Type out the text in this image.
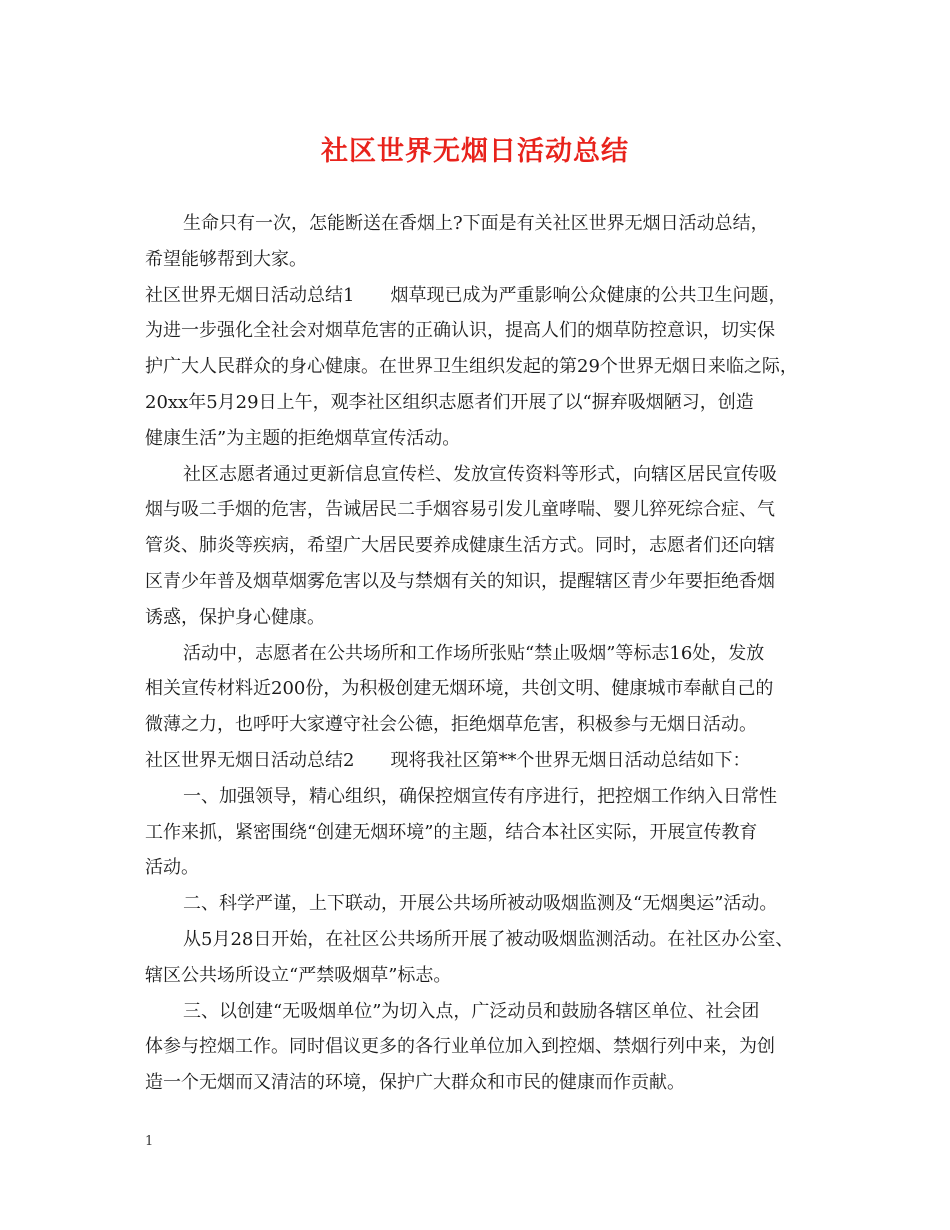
社区世界无烟日活动总结
生命只有一次，怎能断送在香烟上?下面是有关社区世界无烟日活动总结，
希望能够帮到大家。
社区世界无烟日活动总结1 烟草现已成为严重影响公众健康的公共卫生问题，
为进一步强化全社会对烟草危害的正确认识，提高人们的烟草防控意识，切实保
护广大人民群众的身心健康。在世界卫生组织发起的第29个世界无烟日来临之际，
20xx年5月29日上午，观李社区组织志愿者们开展了以“摒弃吸烟陋习，创造
健康生活”为主题的拒绝烟草宣传活动。
社区志愿者通过更新信息宣传栏、发放宣传资料等形式，向辖区居民宣传吸
烟与吸二手烟的危害，告诫居民二手烟容易引发儿童哮喘、婴儿猝死综合症、气
管炎、肺炎等疾病，希望广大居民要养成健康生活方式。同时，志愿者们还向辖
区青少年普及烟草烟雾危害以及与禁烟有关的知识，提醒辖区青少年要拒绝香烟
诱惑，保护身心健康。
活动中，志愿者在公共场所和工作场所张贴“禁止吸烟”等标志16处，发放
相关宣传材料近200份，为积极创建无烟环境，共创文明、健康城市奉献自己的
微薄之力，也呼吁大家遵守社会公德，拒绝烟草危害，积极参与无烟日活动。
社区世界无烟日活动总结2 现将我社区第**个世界无烟日活动总结如下：
一、加强领导，精心组织，确保控烟宣传有序进行，把控烟工作纳入日常性
工作来抓，紧密围绕“创建无烟环境”的主题，结合本社区实际，开展宣传教育
活动。
二、科学严谨，上下联动，开展公共场所被动吸烟监测及“无烟奥运”活动。
从5月28日开始，在社区公共场所开展了被动吸烟监测活动。在社区办公室、
辖区公共场所设立“严禁吸烟草”标志。
三、以创建“无吸烟单位”为切入点，广泛动员和鼓励各辖区单位、社会团
体参与控烟工作。同时倡议更多的各行业单位加入到控烟、禁烟行列中来，为创
造一个无烟而又清洁的环境，保护广大群众和市民的健康而作贡献。
1
